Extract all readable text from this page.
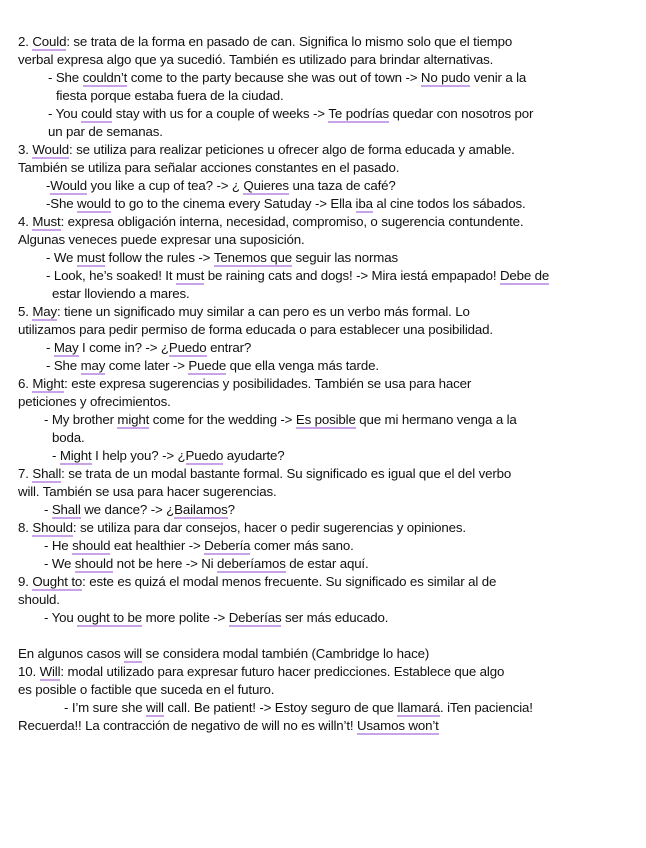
2. Could: se trata de la forma en pasado de can. Significa lo mismo solo que el tiempo
verbal expresa algo que ya sucedió. También es utilizado para brindar alternativas.
- She couldn’t come to the party because she was out of town -> No pudo venir a la
fiesta porque estaba fuera de la ciudad.
- You could stay with us for a couple of weeks -> Te podrías quedar con nosotros por
un par de semanas.
3. Would: se utiliza para realizar peticiones u ofrecer algo de forma educada y amable.
También se utiliza para señalar acciones constantes en el pasado.
-Would you like a cup of tea? -> ¿ Quieres una taza de café?
-She would to go to the cinema every Satuday -> Ella iba al cine todos los sábados.
4. Must: expresa obligación interna, necesidad, compromiso, o sugerencia contundente.
Algunas veneces puede expresar una suposición.
- We must follow the rules -> Tenemos que seguir las normas
- Look, he’s soaked! It must be raining cats and dogs! -> Mira iestá empapado! Debe de
estar lloviendo a mares.
5. May: tiene un significado muy similar a can pero es un verbo más formal. Lo
utilizamos para pedir permiso de forma educada o para establecer una posibilidad.
- May I come in? -> ¿Puedo entrar?
- She may come later -> Puede que ella venga más tarde.
6. Might: este expresa sugerencias y posibilidades. También se usa para hacer
peticiones y ofrecimientos.
- My brother might come for the wedding -> Es posible que mi hermano venga a la
boda.
- Might I help you? -> ¿Puedo ayudarte?
7. Shall: se trata de un modal bastante formal. Su significado es igual que el del verbo
will. También se usa para hacer sugerencias.
- Shall we dance? -> ¿Bailamos?
8. Should: se utiliza para dar consejos, hacer o pedir sugerencias y opiniones.
- He should eat healthier -> Debería comer más sano.
- We should not be here -> Ni deberíamos de estar aquí.
9. Ought to: este es quizá el modal menos frecuente. Su significado es similar al de
should.
- You ought to be more polite -> Deberías ser más educado.
En algunos casos will se considera modal también (Cambridge lo hace)
10. Will: modal utilizado para expresar futuro hacer predicciones. Establece que algo
es posible o factible que suceda en el futuro.
- I’m sure she will call. Be patient! -> Estoy seguro de que llamará. iTen paciencia!
Recuerda!! La contracción de negativo de will no es willn’t! Usamos won’t
